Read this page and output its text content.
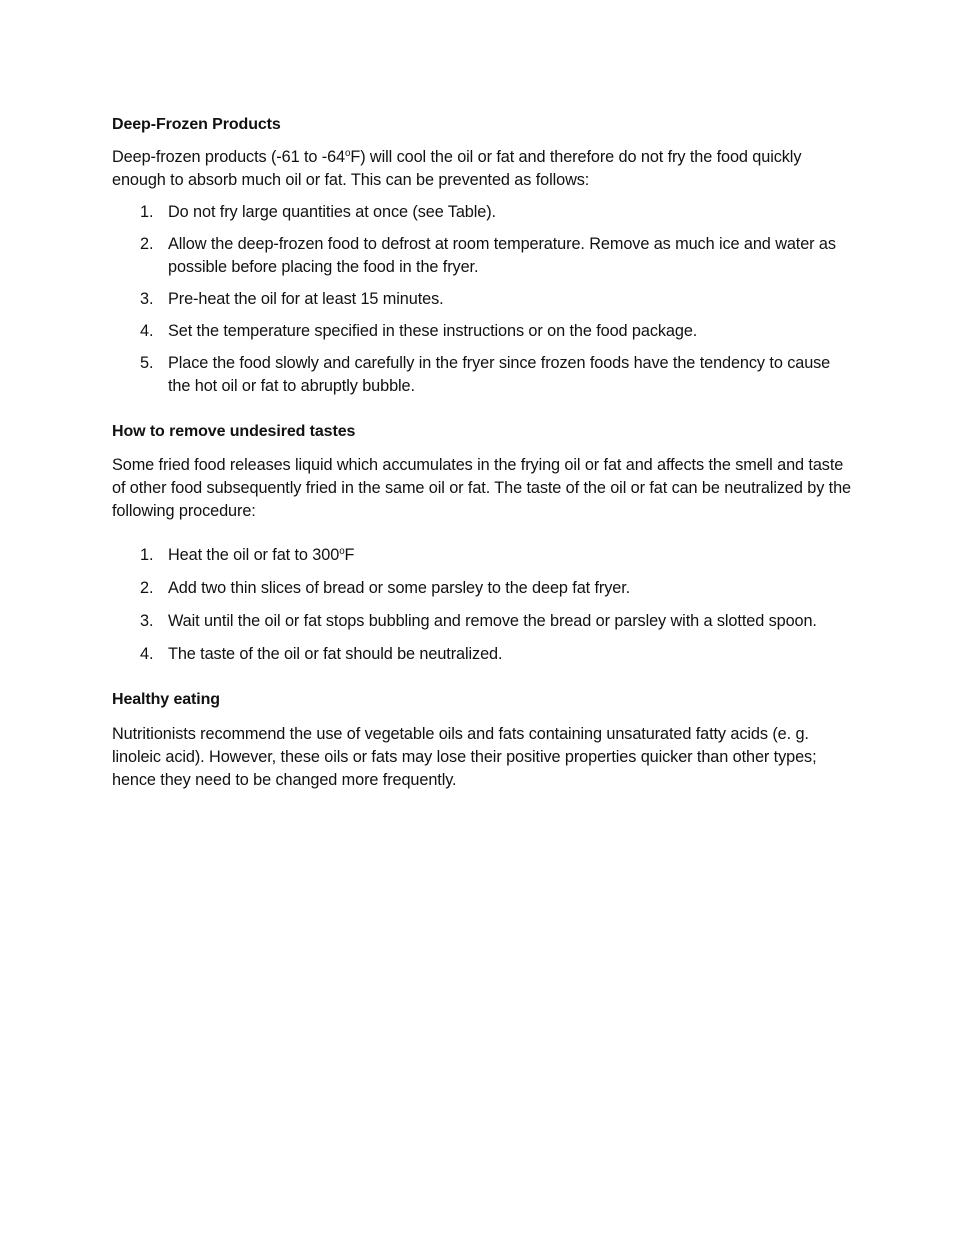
Deep-Frozen Products

Deep-frozen products (-61 to -64$^o$F) will cool the oil or fat and therefore do not fry the food quickly enough to absorb much oil or fat. This can be prevented as follows:

1. Do not fry large quantities at once (see Table).
2. Allow the deep-frozen food to defrost at room temperature. Remove as much ice and water as possible before placing the food in the fryer.
3. Pre-heat the oil for at least 15 minutes.
4. Set the temperature specified in these instructions or on the food package.
5. Place the food slowly and carefully in the fryer since frozen foods have the tendency to cause the hot oil or fat to abruptly bubble.

How to remove undesired tastes

Some fried food releases liquid which accumulates in the frying oil or fat and affects the smell and taste of other food subsequently fried in the same oil or fat. The taste of the oil or fat can be neutralized by the following procedure:

1. Heat the oil or fat to 300$^o$F
2. Add two thin slices of bread or some parsley to the deep fat fryer.
3. Wait until the oil or fat stops bubbling and remove the bread or parsley with a slotted spoon.
4. The taste of the oil or fat should be neutralized.

Healthy eating

Nutritionists recommend the use of vegetable oils and fats containing unsaturated fatty acids (e. g. linoleic acid). However, these oils or fats may lose their positive properties quicker than other types; hence they need to be changed more frequently.
